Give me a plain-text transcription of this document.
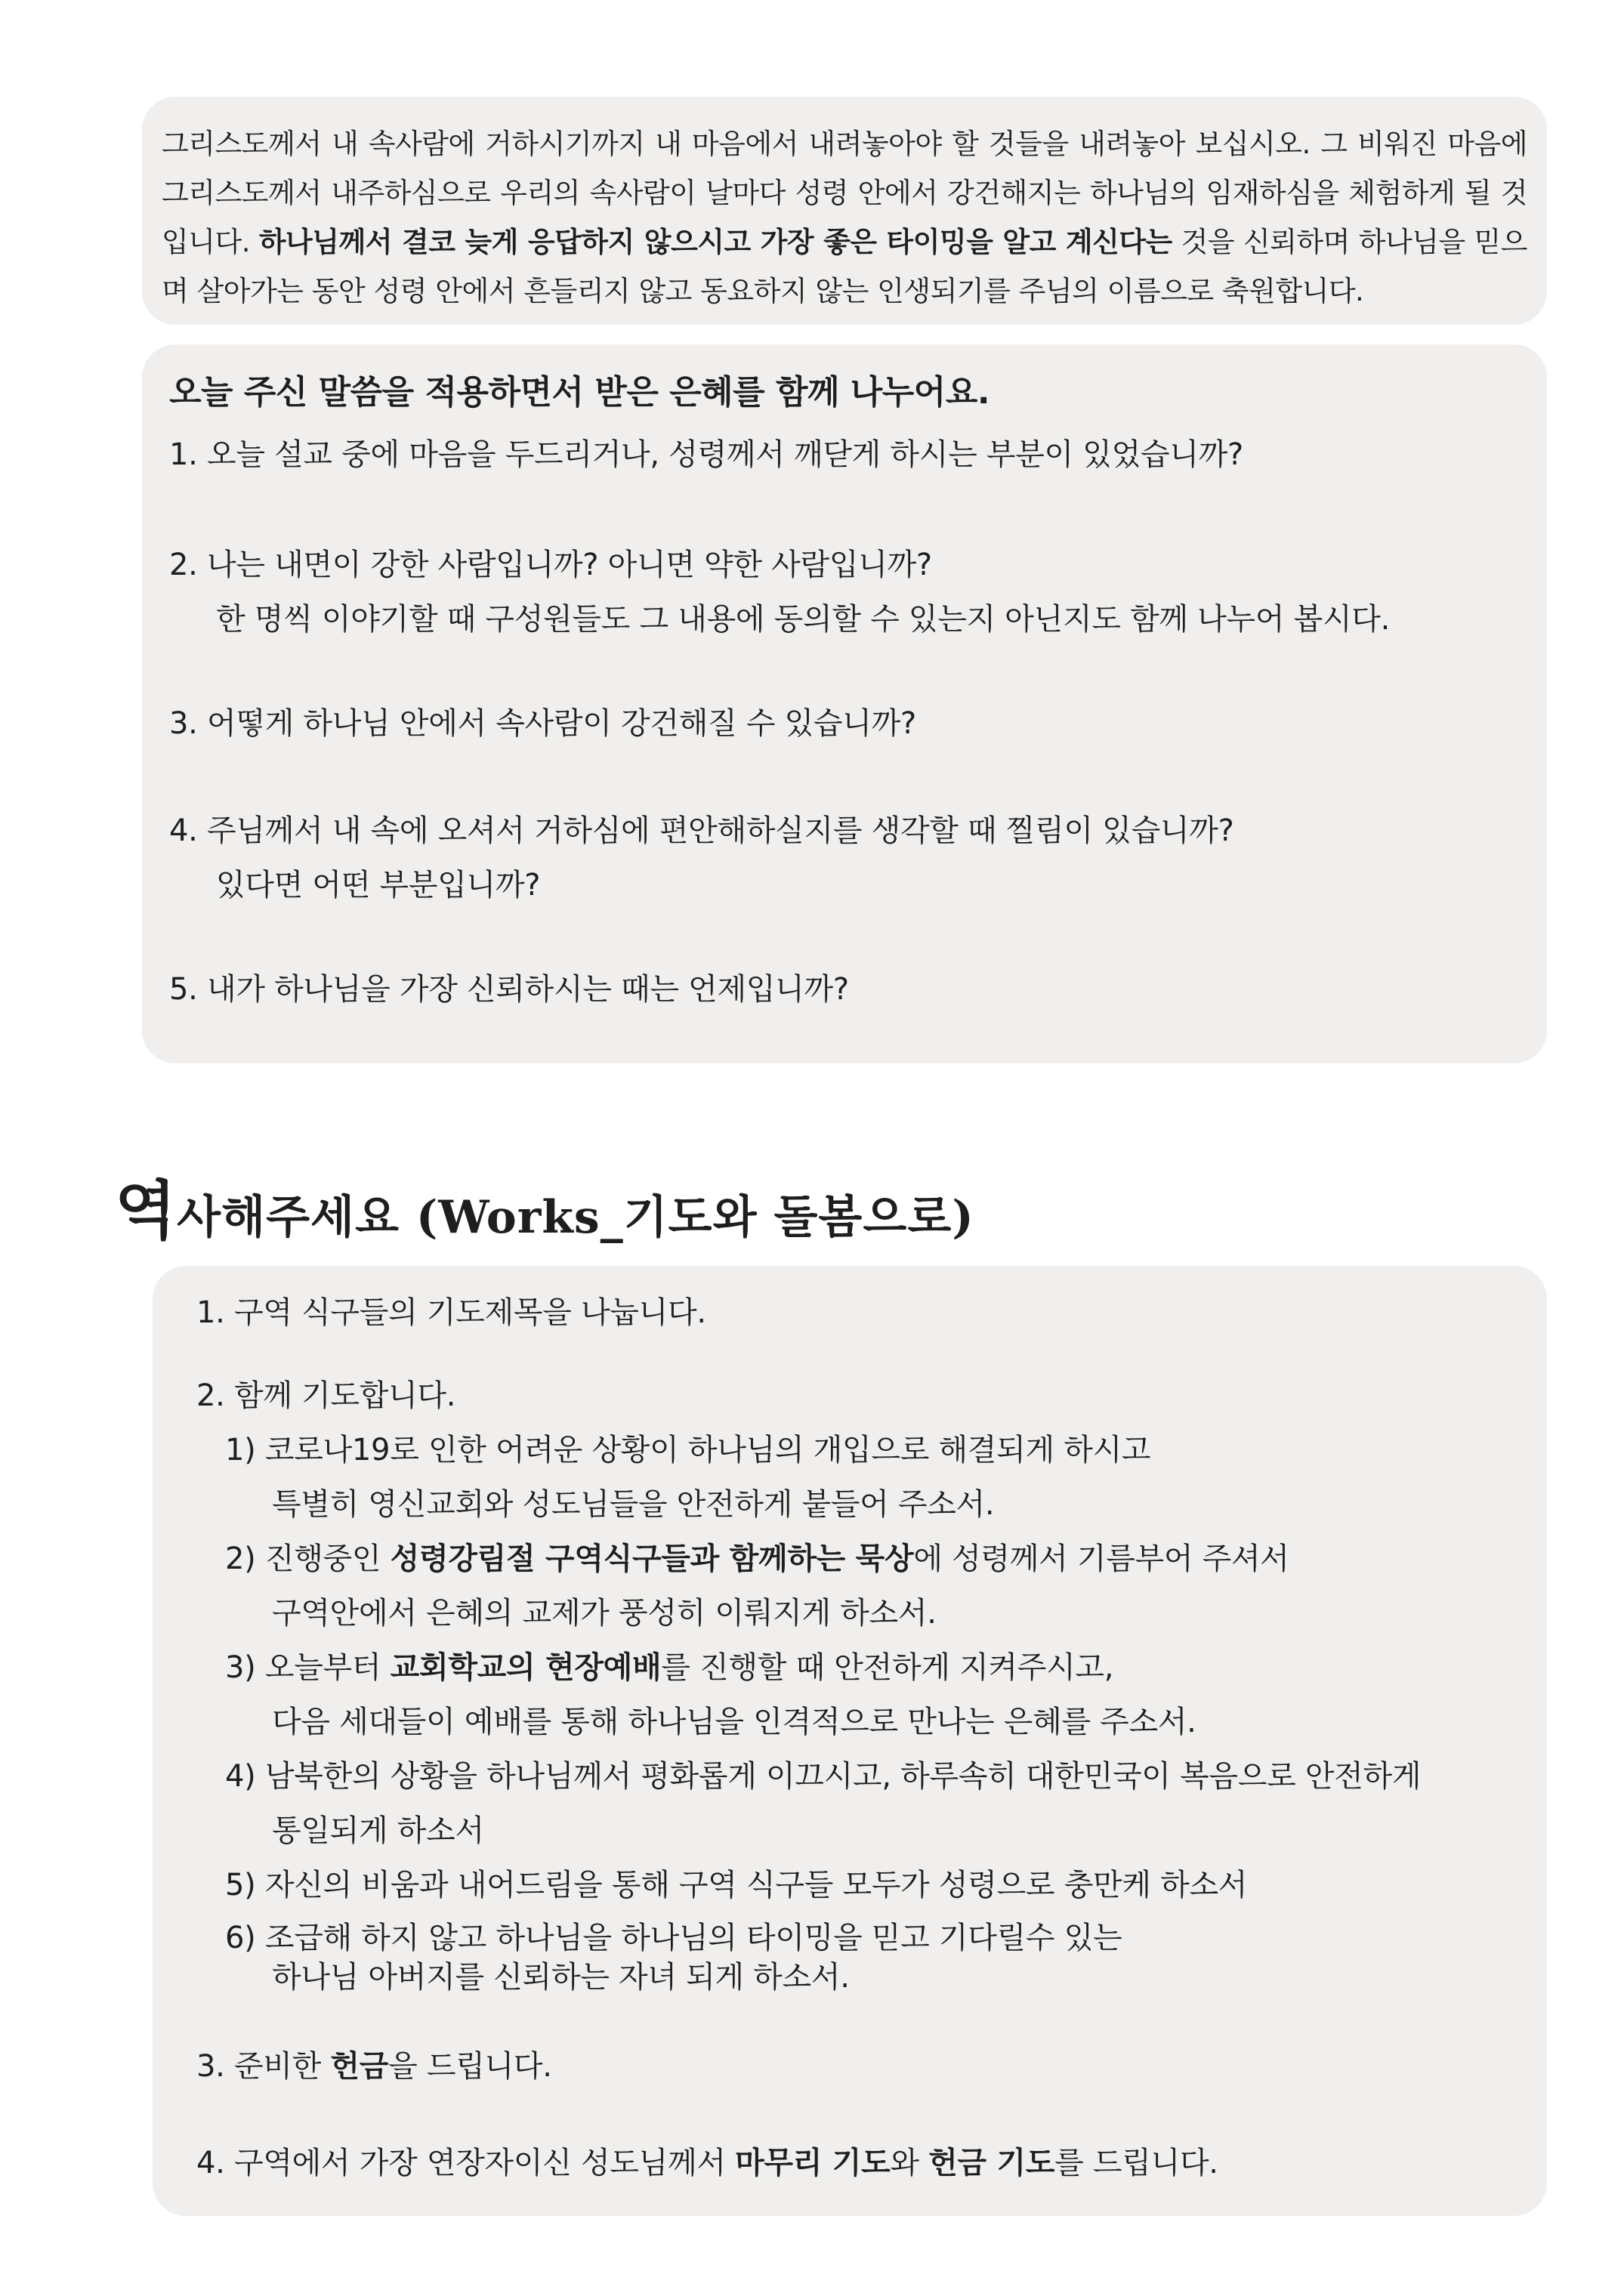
그리스도께서 내 속사람에 거하시기까지 내 마음에서 내려놓아야 할 것들을 내려놓아 보십시오. 그 비워진 마음에 그리스도께서 내주하심으로 우리의 속사람이 날마다 성령 안에서 강건해지는 하나님의 임재하심을 체험하게 될 것입니다. 하나님께서 결코 늦게 응답하지 않으시고 가장 좋은 타이밍을 알고 계신다는 것을 신뢰하며 하나님을 믿으며 살아가는 동안 성령 안에서 흔들리지 않고 동요하지 않는 인생되기를 주님의 이름으로 축원합니다.

오늘 주신 말씀을 적용하면서 받은 은혜를 함께 나누어요.

1. 오늘 설교 중에 마음을 두드리거나, 성령께서 깨닫게 하시는 부분이 있었습니까?

2. 나는 내면이 강한 사람입니까? 아니면 약한 사람입니까?
한 명씩 이야기할 때 구성원들도 그 내용에 동의할 수 있는지 아닌지도 함께 나누어 봅시다.

3. 어떻게 하나님 안에서 속사람이 강건해질 수 있습니까?

4. 주님께서 내 속에 오셔서 거하심에 편안해하실지를 생각할 때 찔림이 있습니까?
있다면 어떤 부분입니까?

5. 내가 하나님을 가장 신뢰하시는 때는 언제입니까?

역사해주세요 (Works_기도와 돌봄으로)

1. 구역 식구들의 기도제목을 나눕니다.

2. 함께 기도합니다.

1) 코로나19로 인한 어려운 상황이 하나님의 개입으로 해결되게 하시고
특별히 영신교회와 성도님들을 안전하게 붙들어 주소서.

2) 진행중인 성령강림절 구역식구들과 함께하는 묵상에 성령께서 기름부어 주셔서
구역안에서 은혜의 교제가 풍성히 이뤄지게 하소서.

3) 오늘부터 교회학교의 현장예배를 진행할 때 안전하게 지켜주시고,
다음 세대들이 예배를 통해 하나님을 인격적으로 만나는 은혜를 주소서.

4) 남북한의 상황을 하나님께서 평화롭게 이끄시고, 하루속히 대한민국이 복음으로 안전하게
통일되게 하소서

5) 자신의 비움과 내어드림을 통해 구역 식구들 모두가 성령으로 충만케 하소서

6) 조급해 하지 않고 하나님을 하나님의 타이밍을 믿고 기다릴수 있는
하나님 아버지를 신뢰하는 자녀 되게 하소서.

3. 준비한 헌금을 드립니다.

4. 구역에서 가장 연장자이신 성도님께서 마무리 기도와 헌금 기도를 드립니다.
